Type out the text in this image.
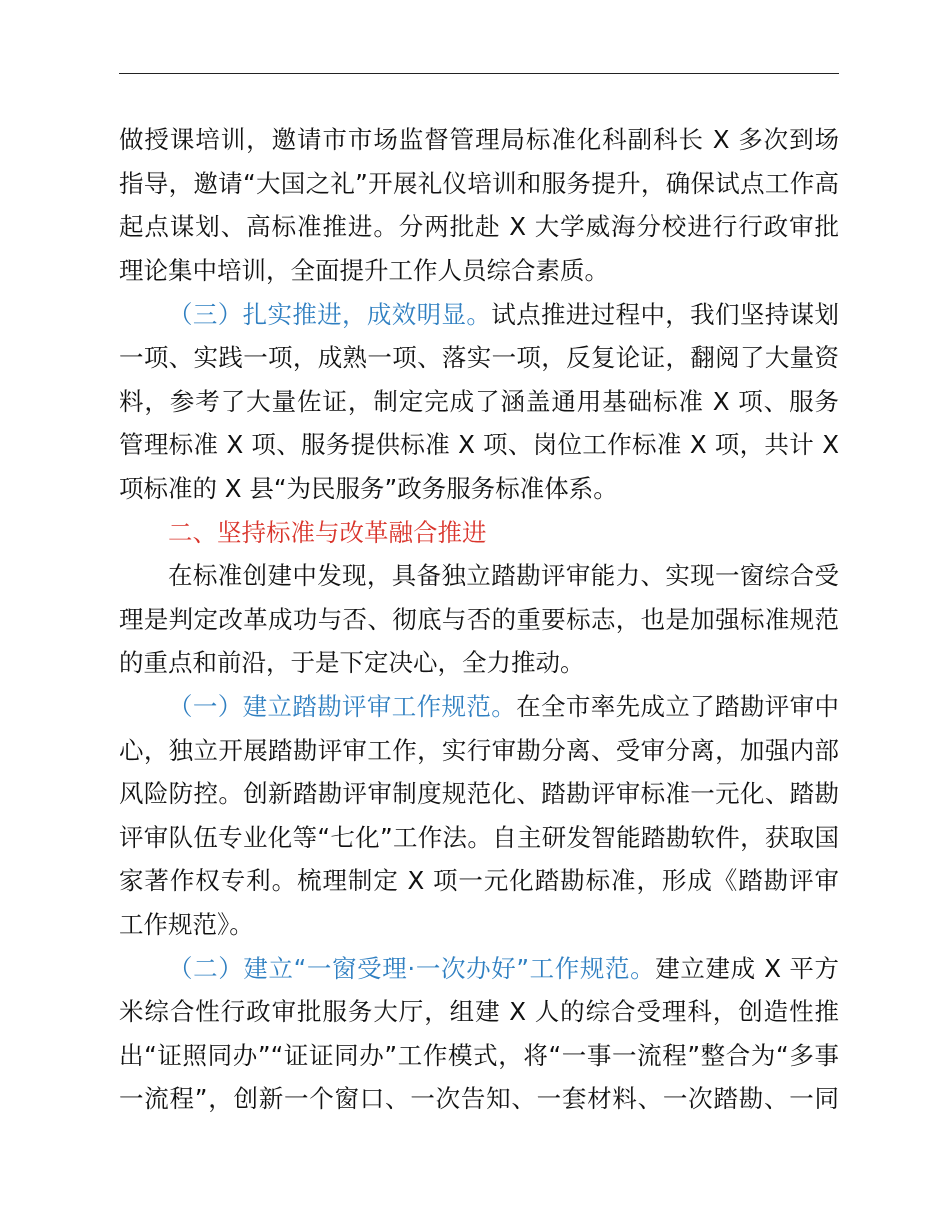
做授课培训，邀请市市场监督管理局标准化科副科长 X 多次到场
指导，邀请“大国之礼”开展礼仪培训和服务提升，确保试点工作高
起点谋划、高标准推进。分两批赴 X 大学威海分校进行行政审批
理论集中培训，全面提升工作人员综合素质。
（三）扎实推进，成效明显。试点推进过程中，我们坚持谋划
一项、实践一项，成熟一项、落实一项，反复论证，翻阅了大量资
料，参考了大量佐证，制定完成了涵盖通用基础标准 X 项、服务
管理标准 X 项、服务提供标准 X 项、岗位工作标准 X 项，共计 X
项标准的 X 县“为民服务”政务服务标准体系。
二、坚持标准与改革融合推进
在标准创建中发现，具备独立踏勘评审能力、实现一窗综合受
理是判定改革成功与否、彻底与否的重要标志，也是加强标准规范
的重点和前沿，于是下定决心，全力推动。
（一）建立踏勘评审工作规范。在全市率先成立了踏勘评审中
心，独立开展踏勘评审工作，实行审勘分离、受审分离，加强内部
风险防控。创新踏勘评审制度规范化、踏勘评审标准一元化、踏勘
评审队伍专业化等“七化”工作法。自主研发智能踏勘软件，获取国
家著作权专利。梳理制定 X 项一元化踏勘标准，形成《踏勘评审
工作规范》。
（二）建立“一窗受理·一次办好”工作规范。建立建成 X 平方
米综合性行政审批服务大厅，组建 X 人的综合受理科，创造性推
出“证照同办”“证证同办”工作模式，将“一事一流程”整合为“多事
一流程”，创新一个窗口、一次告知、一套材料、一次踏勘、一同
